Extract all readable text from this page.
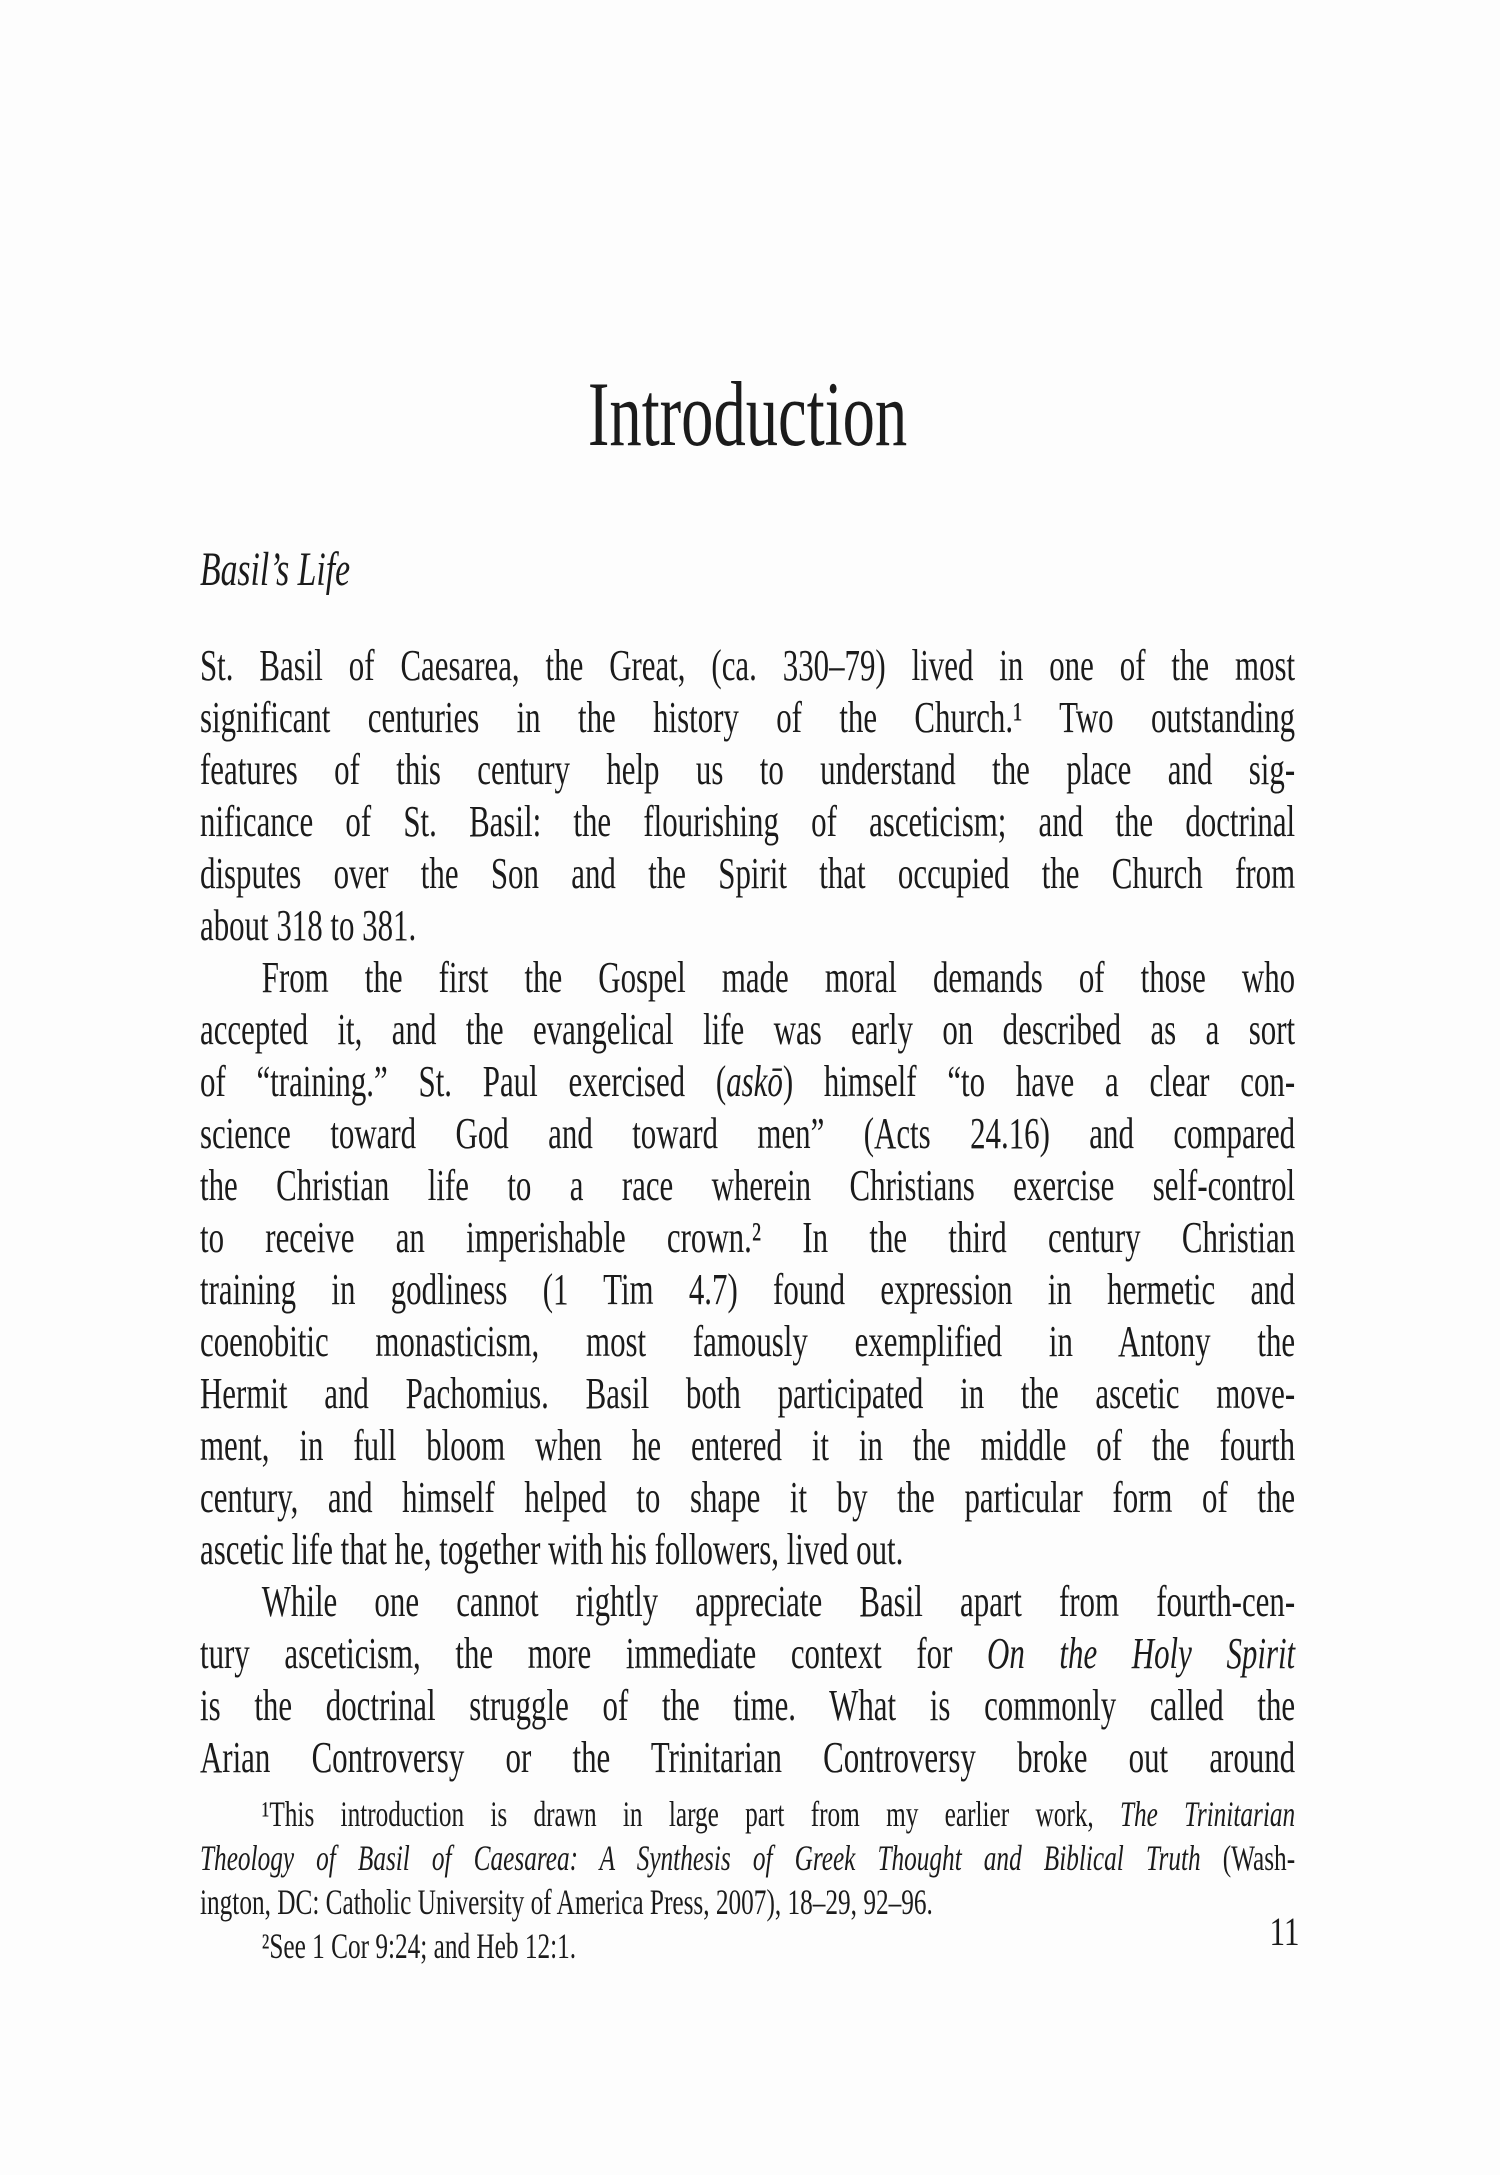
Introduction
Basil’s Life
St. Basil of Caesarea, the Great, (ca. 330–79) lived in one of the most
significant centuries in the history of the Church.¹ Two outstanding
features of this century help us to understand the place and sig-
nificance of St. Basil: the flourishing of asceticism; and the doctrinal
disputes over the Son and the Spirit that occupied the Church from
about 318 to 381.
From the first the Gospel made moral demands of those who
accepted it, and the evangelical life was early on described as a sort
of “training.” St. Paul exercised (askō) himself “to have a clear con-
science toward God and toward men” (Acts 24.16) and compared
the Christian life to a race wherein Christians exercise self-control
to receive an imperishable crown.² In the third century Christian
training in godliness (1 Tim 4.7) found expression in hermetic and
coenobitic monasticism, most famously exemplified in Antony the
Hermit and Pachomius. Basil both participated in the ascetic move-
ment, in full bloom when he entered it in the middle of the fourth
century, and himself helped to shape it by the particular form of the
ascetic life that he, together with his followers, lived out.
While one cannot rightly appreciate Basil apart from fourth-cen-
tury asceticism, the more immediate context for On the Holy Spirit
is the doctrinal struggle of the time. What is commonly called the
Arian Controversy or the Trinitarian Controversy broke out around
¹This introduction is drawn in large part from my earlier work, The Trinitarian
Theology of Basil of Caesarea: A Synthesis of Greek Thought and Biblical Truth (Wash-
ington, DC: Catholic University of America Press, 2007), 18–29, 92–96.
²See 1 Cor 9:24; and Heb 12:1.	11
